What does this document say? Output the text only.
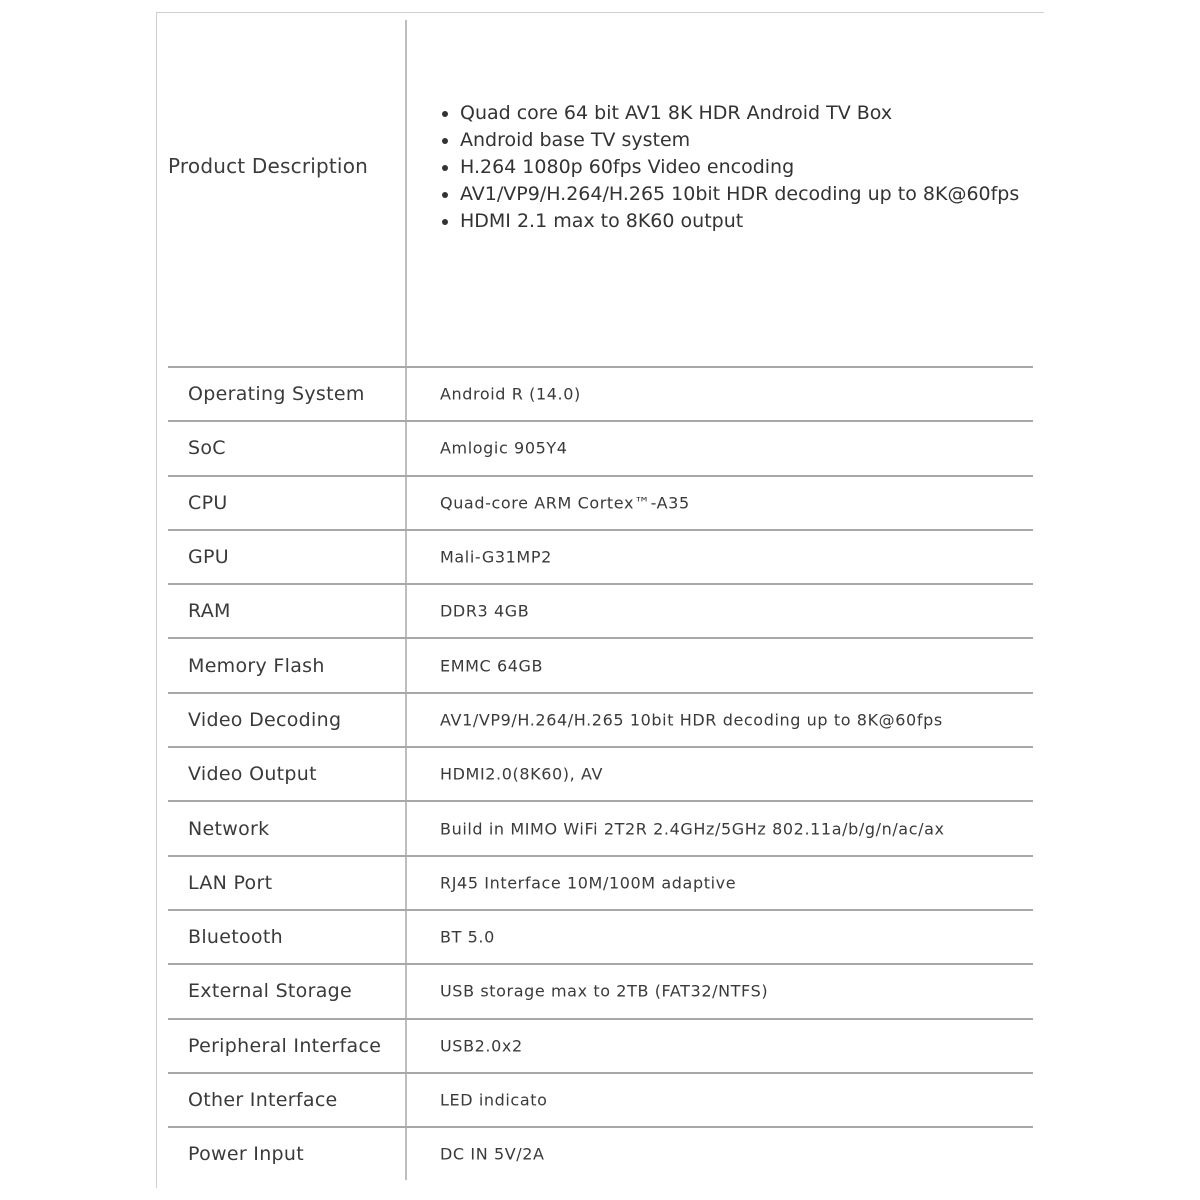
Product Description
Quad core 64 bit AV1 8K HDR Android TV Box
Android base TV system
H.264 1080p 60fps Video encoding
AV1/VP9/H.264/H.265 10bit HDR decoding up to 8K@60fps
HDMI 2.1 max to 8K60 output
Operating System	Android R (14.0)
SoC	Amlogic 905Y4
CPU	Quad-core ARM Cortex™-A35
GPU	Mali-G31MP2
RAM	DDR3 4GB
Memory Flash	EMMC 64GB
Video Decoding	AV1/VP9/H.264/H.265 10bit HDR decoding up to 8K@60fps
Video Output	HDMI2.0(8K60), AV
Network	Build in MIMO WiFi 2T2R 2.4GHz/5GHz 802.11a/b/g/n/ac/ax
LAN Port	RJ45 Interface 10M/100M adaptive
Bluetooth	BT 5.0
External Storage	USB storage max to 2TB (FAT32/NTFS)
Peripheral Interface	USB2.0x2
Other Interface	LED indicato
Power Input	DC IN 5V/2A
